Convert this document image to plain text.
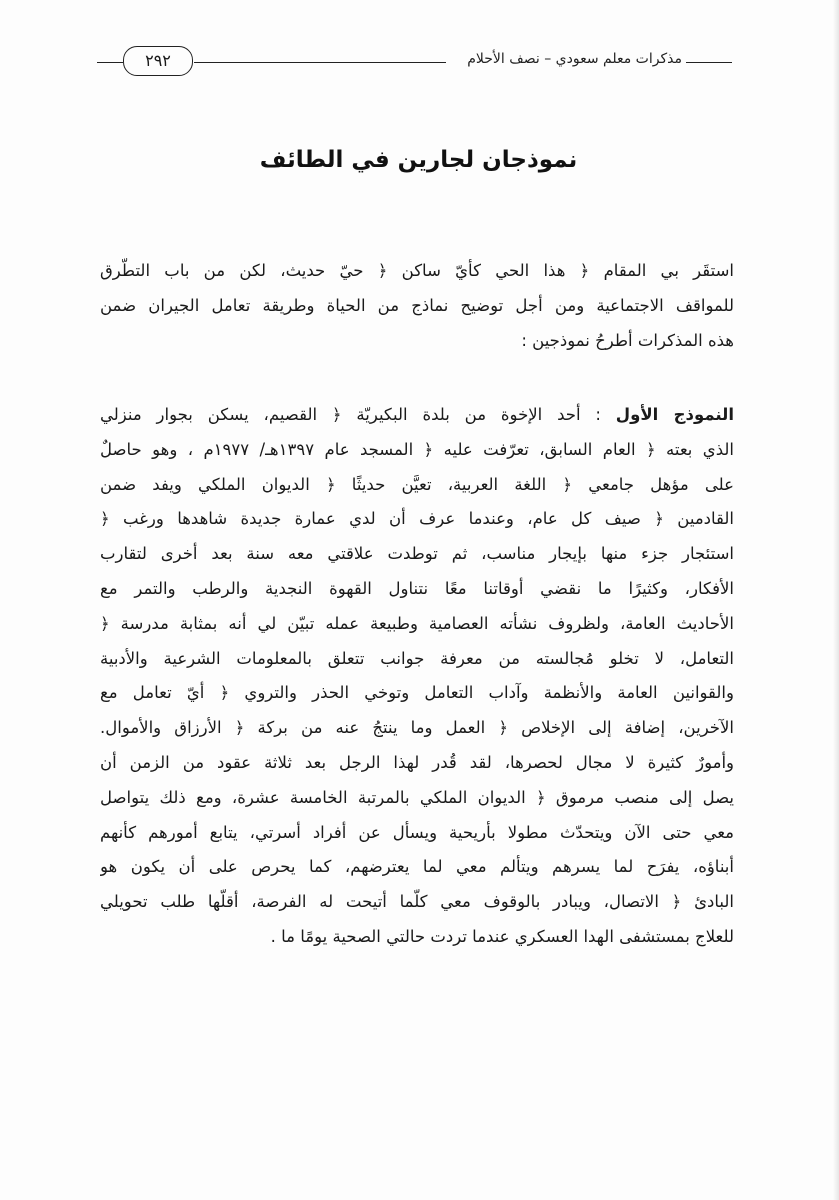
مذكرات معلم سعودي – نصف الأحلام
٢٩٢
نموذجان لجارين في الطائف
استقَر بي المقام ﴿ هذا الحي كأيّ ساكن ﴿ حيّ حديث، لكن من باب التطّرق
للمواقف الاجتماعية ومن أجل توضيح نماذج من الحياة وطريقة تعامل الجيران ضمن
هذه المذكرات أطرحُ نموذجين :
النموذج الأول : أحد الإخوة من بلدة البكيريّة ﴿ القصيم، يسكن بجوار منزلي
الذي بعته ﴿ العام السابق، تعرّفت عليه ﴿ المسجد عام ١٣٩٧هـ/ ١٩٧٧م ، وهو حاصلٌ
على مؤهل جامعي ﴿ اللغة العربية، تعيَّن حديثًا ﴿ الديوان الملكي ويفد ضمن
القادمين ﴿ صيف كل عام، وعندما عرف أن لدي عمارة جديدة شاهدها ورغب ﴿
استئجار جزء منها بإيجار مناسب، ثم توطدت علاقتي معه سنة بعد أخرى لتقارب
الأفكار، وكثيرًا ما نقضي أوقاتنا معًا نتناول القهوة النجدية والرطب والتمر مع
الأحاديث العامة، ولظروف نشأته العصامية وطبيعة عمله تبيّن لي أنه بمثابة مدرسة ﴿
التعامل، لا تخلو مُجالسته من معرفة جوانب تتعلق بالمعلومات الشرعية والأدبية
والقوانين العامة والأنظمة وآداب التعامل وتوخي الحذر والتروي ﴿ أيّ تعامل مع
الآخرين، إضافة إلى الإخلاص ﴿ العمل وما ينتجُ عنه من بركة ﴿ الأرزاق والأموال.
وأمورٌ كثيرة لا مجال لحصرها، لقد قُدر لهذا الرجل بعد ثلاثة عقود من الزمن أن
يصل إلى منصب مرموق ﴿ الديوان الملكي بالمرتبة الخامسة عشرة، ومع ذلك يتواصل
معي حتى الآن ويتحدّث مطولا بأريحية ويسأل عن أفراد أسرتي، يتابع أمورهم كأنهم
أبناؤه، يفرَح لما يسرهم ويتألم معي لما يعترضهم، كما يحرص على أن يكون هو
البادئ ﴿ الاتصال، ويبادر بالوقوف معي كلّما أتيحت له الفرصة، أقلّها طلب تحويلي
للعلاج بمستشفى الهدا العسكري عندما تردت حالتي الصحية يومًا ما .
